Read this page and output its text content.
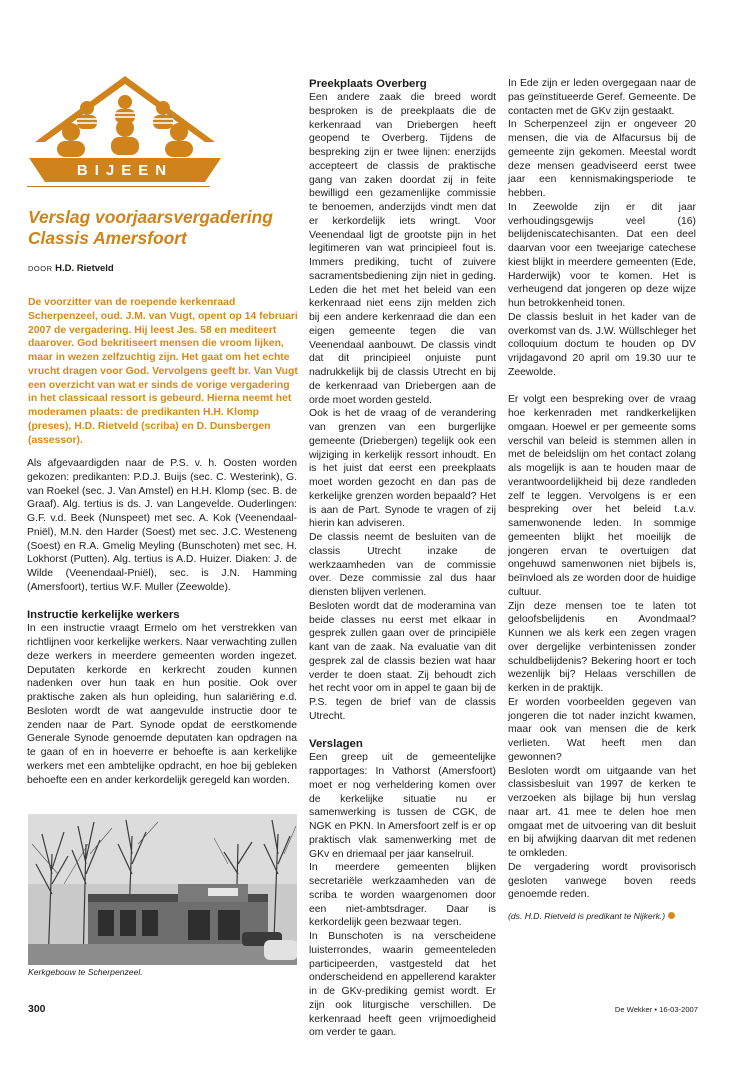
BIJEEN
Verslag voorjaarsvergadering Classis Amersfoort

DOOR H.D. Rietveld

De voorzitter van de roepende kerkenraad Scherpenzeel, oud. J.M. van Vugt, opent op 14 februari 2007 de vergadering. Hij leest Jes. 58 en mediteert daarover. God bekritiseert mensen die vroom lijken, maar in wezen zelfzuchtig zijn. Het gaat om het echte vrucht dragen voor God. Vervolgens geeft br. Van Vugt een overzicht van wat er sinds de vorige vergadering in het classicaal ressort is gebeurd. Hierna neemt het moderamen plaats: de predikanten H.H. Klomp (preses), H.D. Rietveld (scriba) en D. Dunsbergen (assessor).

Als afgevaardigden naar de P.S. v. h. Oosten worden gekozen: predikanten: P.D.J. Buijs (sec. C. Westerink), G. van Roekel (sec. J. Van Amstel) en H.H. Klomp (sec. B. de Graaf). Alg. tertius is ds. J. van Langevelde. Ouderlingen: G.F. v.d. Beek (Nunspeet) met sec. A. Kok (Veenendaal-Pniël), M.N. den Harder (Soest) met sec. J.C. Westeneng (Soest) en R.A. Gmelig Meyling (Bunschoten) met sec. H. Lokhorst (Putten). Alg. tertius is A.D. Huizer. Diaken: J. de Wilde (Veenendaal-Pniël), sec. is J.N. Hamming (Amersfoort), tertius W.F. Muller (Zeewolde).

Instructie kerkelijke werkers

In een instructie vraagt Ermelo om het verstrekken van richtlijnen voor kerkelijke werkers. Naar verwachting zullen deze werkers in meerdere gemeenten worden ingezet. Deputaten kerkorde en kerkrecht zouden kunnen nadenken over hun taak en hun positie. Ook over praktische zaken als hun opleiding, hun salariëring e.d. Besloten wordt de wat aangevulde instructie door te zenden naar de Part. Synode opdat de eerstkomende Generale Synode genoemde deputaten kan opdragen na te gaan of en in hoeverre er behoefte is aan kerkelijke werkers met een ambtelijke opdracht, en hoe bij gebleken behoefte een en ander kerkordelijk geregeld kan worden.

Kerkgebouw te Scherpenzeel.

Preekplaats Overberg

Een andere zaak die breed wordt besproken is de preekplaats die de kerkenraad van Driebergen heeft geopend te Overberg. Tijdens de bespreking zijn er twee lijnen: enerzijds accepteert de classis de praktische gang van zaken doordat zij in feite bewilligd een gezamenlijke commissie te benoemen, anderzijds vindt men dat er kerkordelijk iets wringt. Voor Veenendaal ligt de grootste pijn in het legitimeren van wat principieel fout is. Immers prediking, tucht of zuivere sacramentsbediening zijn niet in geding. Leden die het met het beleid van een kerkenraad niet eens zijn melden zich bij een andere kerkenraad die dan een eigen gemeente tegen die van Veenendaal aanbouwt. De classis vindt dat dit principieel onjuiste punt nadrukkelijk bij de classis Utrecht en bij de kerkenraad van Driebergen aan de orde moet worden gesteld.

Ook is het de vraag of de verandering van grenzen van een burgerlijke gemeente (Driebergen) tegelijk ook een wijziging in kerkelijk ressort inhoudt. En is het juist dat eerst een preekplaats moet worden gezocht en dan pas de kerkelijke grenzen worden bepaald? Het is aan de Part. Synode te vragen of zij hierin kan adviseren.

De classis neemt de besluiten van de classis Utrecht inzake de werkzaamheden van de commissie over. Deze commissie zal dus haar diensten blijven verlenen.

Besloten wordt dat de moderamina van beide classes nu eerst met elkaar in gesprek zullen gaan over de principiële kant van de zaak. Na evaluatie van dit gesprek zal de classis bezien wat haar verder te doen staat. Zij behoudt zich het recht voor om in appel te gaan bij de P.S. tegen de brief van de classis Utrecht.

Verslagen

Een greep uit de gemeentelijke rapportages: In Vathorst (Amersfoort) moet er nog verheldering komen over de kerkelijke situatie nu er samenwerking is tussen de CGK, de NGK en PKN. In Amersfoort zelf is er op praktisch vlak samenwerking met de GKv en driemaal per jaar kanselruil.

In meerdere gemeenten blijken secretariële werkzaamheden van de scriba te worden waargenomen door een niet-ambtsdrager. Daar is kerkordelijk geen bezwaar tegen.

In Bunschoten is na verscheidene luisterrondes, waarin gemeenteleden participeerden, vastgesteld dat het onderscheidend en appellerend karakter in de GKv-prediking gemist wordt. Er zijn ook liturgische verschillen. De kerkenraad heeft geen vrijmoedigheid om verder te gaan.

In Ede zijn er leden overgegaan naar de pas geïnstitueerde Geref. Gemeente. De contacten met de GKv zijn gestaakt.

In Scherpenzeel zijn er ongeveer 20 mensen, die via de Alfacursus bij de gemeente zijn gekomen. Meestal wordt deze mensen geadviseerd eerst twee jaar een kennismakingsperiode te hebben.

In Zeewolde zijn er dit jaar verhoudingsgewijs veel (16) belijdeniscatechisanten. Dat een deel daarvan voor een tweejarige catechese kiest blijkt in meerdere gemeenten (Ede, Harderwijk) voor te komen. Het is verheugend dat jongeren op deze wijze hun betrokkenheid tonen.

De classis besluit in het kader van de overkomst van ds. J.W. Wüllschleger het colloquium doctum te houden op DV vrijdagavond 20 april om 19.30 uur te Zeewolde.

Er volgt een bespreking over de vraag hoe kerkenraden met randkerkelijken omgaan. Hoewel er per gemeente soms verschil van beleid is stemmen allen in met de beleidslijn om het contact zolang als mogelijk is aan te houden maar de verantwoordelijkheid bij deze randleden zelf te leggen. Vervolgens is er een bespreking over het beleid t.a.v. samenwonende leden. In sommige gemeenten blijkt het moeilijk de jongeren ervan te overtuigen dat ongehuwd samenwonen niet bijbels is, beïnvloed als ze worden door de huidige cultuur.

Zijn deze mensen toe te laten tot geloofsbelijdenis en Avondmaal? Kunnen we als kerk een zegen vragen over dergelijke verbintenissen zonder schuldbelijdenis? Bekering hoort er toch wezenlijk bij? Helaas verschillen de kerken in de praktijk.

Er worden voorbeelden gegeven van jongeren die tot nader inzicht kwamen, maar ook van mensen die de kerk verlieten. Wat heeft men dan gewonnen?

Besloten wordt om uitgaande van het classisbesluit van 1997 de kerken te verzoeken als bijlage bij hun verslag naar art. 41 mee te delen hoe men omgaat met de uitvoering van dit besluit en bij afwijking daarvan dit met redenen te omkleden.

De vergadering wordt provisorisch gesloten vanwege boven reeds genoemde reden.

(ds. H.D. Rietveld is predikant te Nijkerk.)

300	De Wekker • 16-03-2007
